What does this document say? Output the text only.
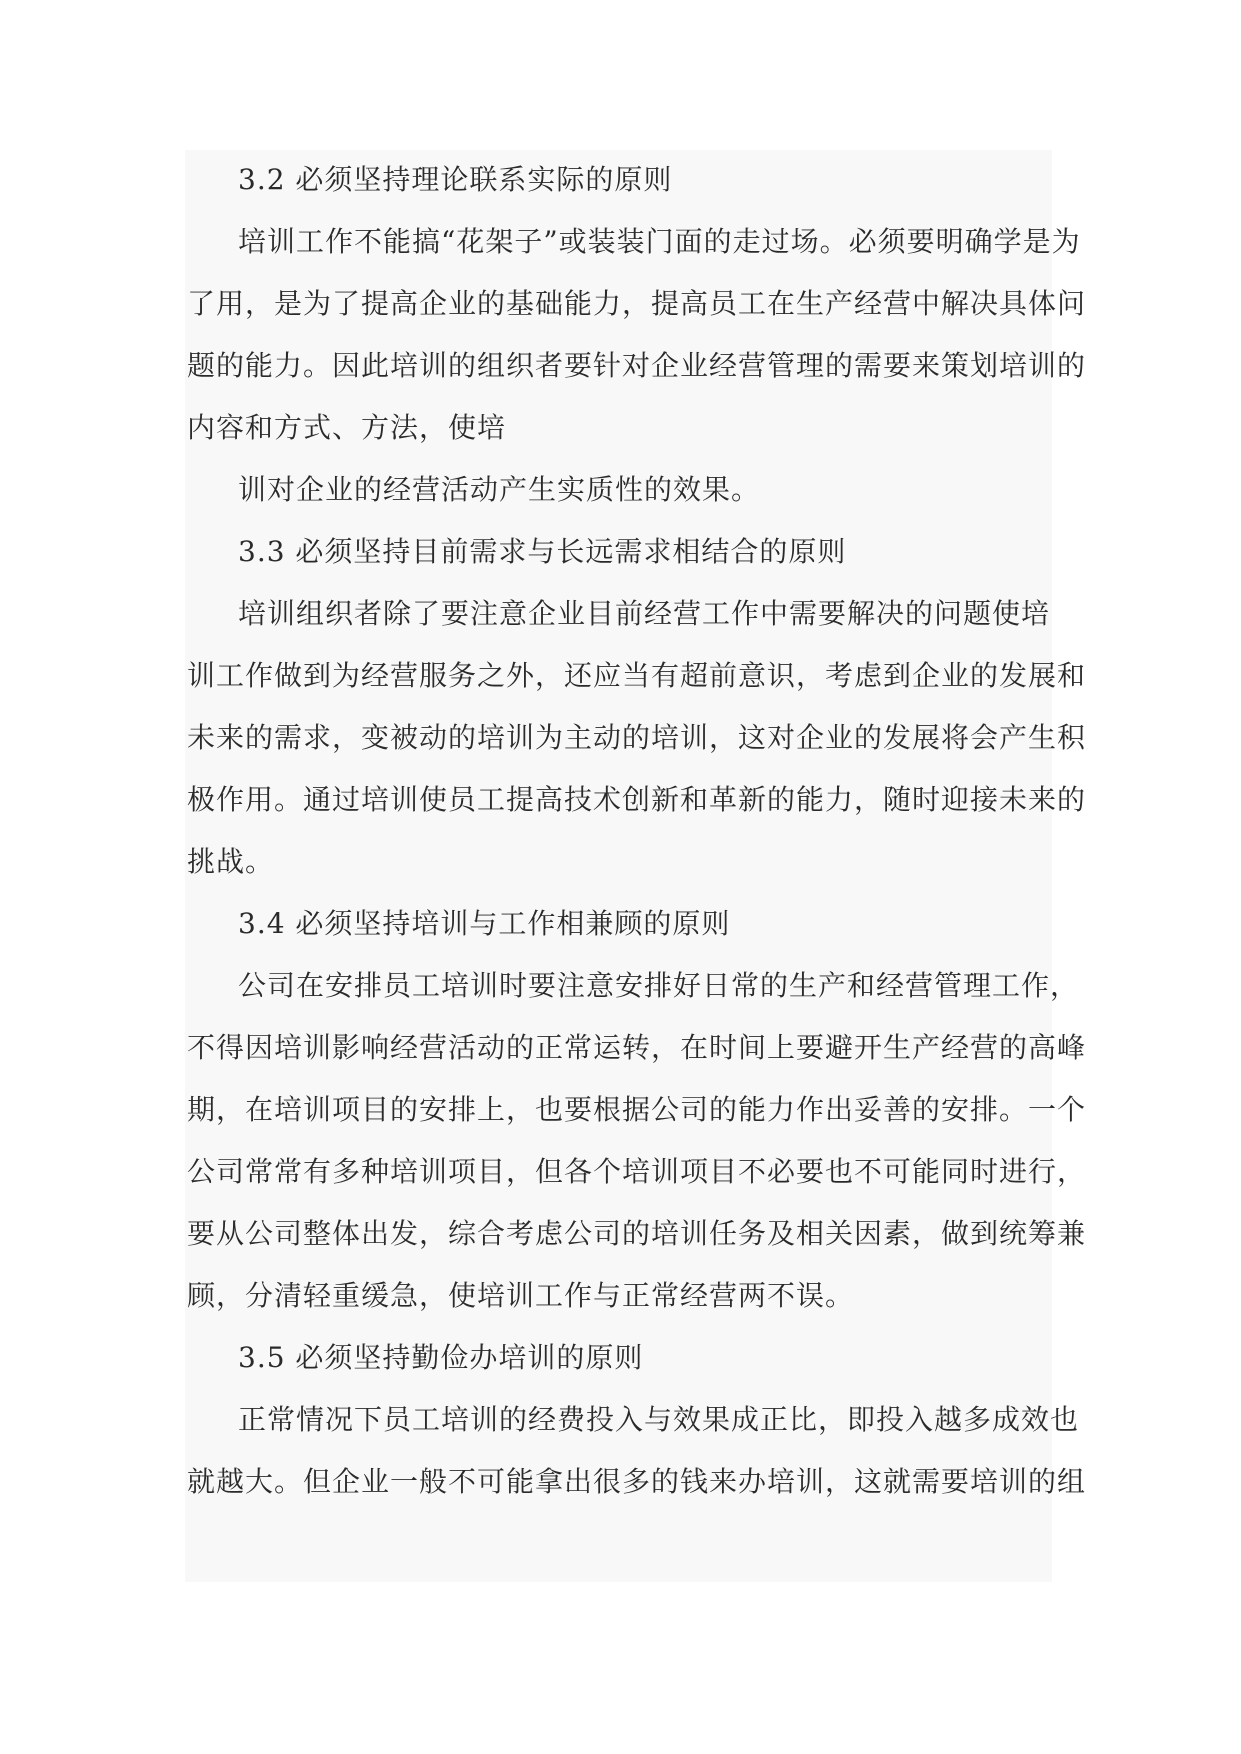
3.2 必须坚持理论联系实际的原则

培训工作不能搞“花架子”或装装门面的走过场。必须要明确学是为

了用，是为了提高企业的基础能力，提高员工在生产经营中解决具体问

题的能力。因此培训的组织者要针对企业经营管理的需要来策划培训的

内容和方式、方法，使培

训对企业的经营活动产生实质性的效果。

3.3 必须坚持目前需求与长远需求相结合的原则

培训组织者除了要注意企业目前经营工作中需要解决的问题使培

训工作做到为经营服务之外，还应当有超前意识，考虑到企业的发展和

未来的需求，变被动的培训为主动的培训，这对企业的发展将会产生积

极作用。通过培训使员工提高技术创新和革新的能力，随时迎接未来的

挑战。

3.4 必须坚持培训与工作相兼顾的原则

公司在安排员工培训时要注意安排好日常的生产和经营管理工作，

不得因培训影响经营活动的正常运转，在时间上要避开生产经营的高峰

期，在培训项目的安排上，也要根据公司的能力作出妥善的安排。一个

公司常常有多种培训项目，但各个培训项目不必要也不可能同时进行，

要从公司整体出发，综合考虑公司的培训任务及相关因素，做到统筹兼

顾，分清轻重缓急，使培训工作与正常经营两不误。

3.5 必须坚持勤俭办培训的原则

正常情况下员工培训的经费投入与效果成正比，即投入越多成效也

就越大。但企业一般不可能拿出很多的钱来办培训，这就需要培训的组
